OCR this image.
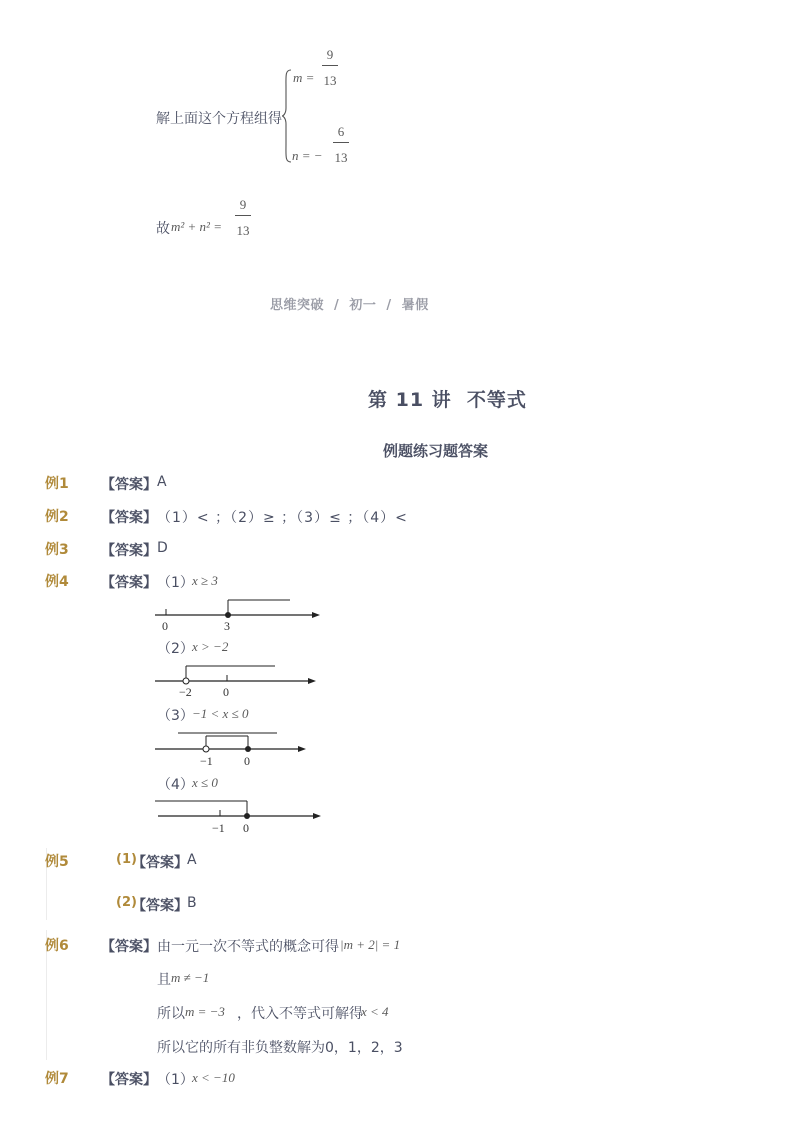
解上面这个方程组得
m =
9
13
n = −
6
13
故 m² + n² =
9
13
思维突破  /  初一  /  暑假
第 11 讲  不等式
例题练习题答案
例1 【答案】 A
例2 【答案】 （1）< ；（2）≥ ；（3）≤ ；（4）<
例3 【答案】 D
例4 【答案】 （1）
x ≥ 3
0	3
（2）
x > −2
−2	0
（3）
−1 < x ≤ 0
−1	0
（4）
x ≤ 0
−1 0
例5	(1)
【答案】 A
(2)
【答案】 B
例6 【答案】 由一元一次不等式的概念可得 |m + 2| = 1
且 m ≠ −1
所以 m = −3 ，代入不等式可解得
x < 4
所以它的所有非负整数解为0，1，2，3
例7 【答案】 （1）
x < −10
